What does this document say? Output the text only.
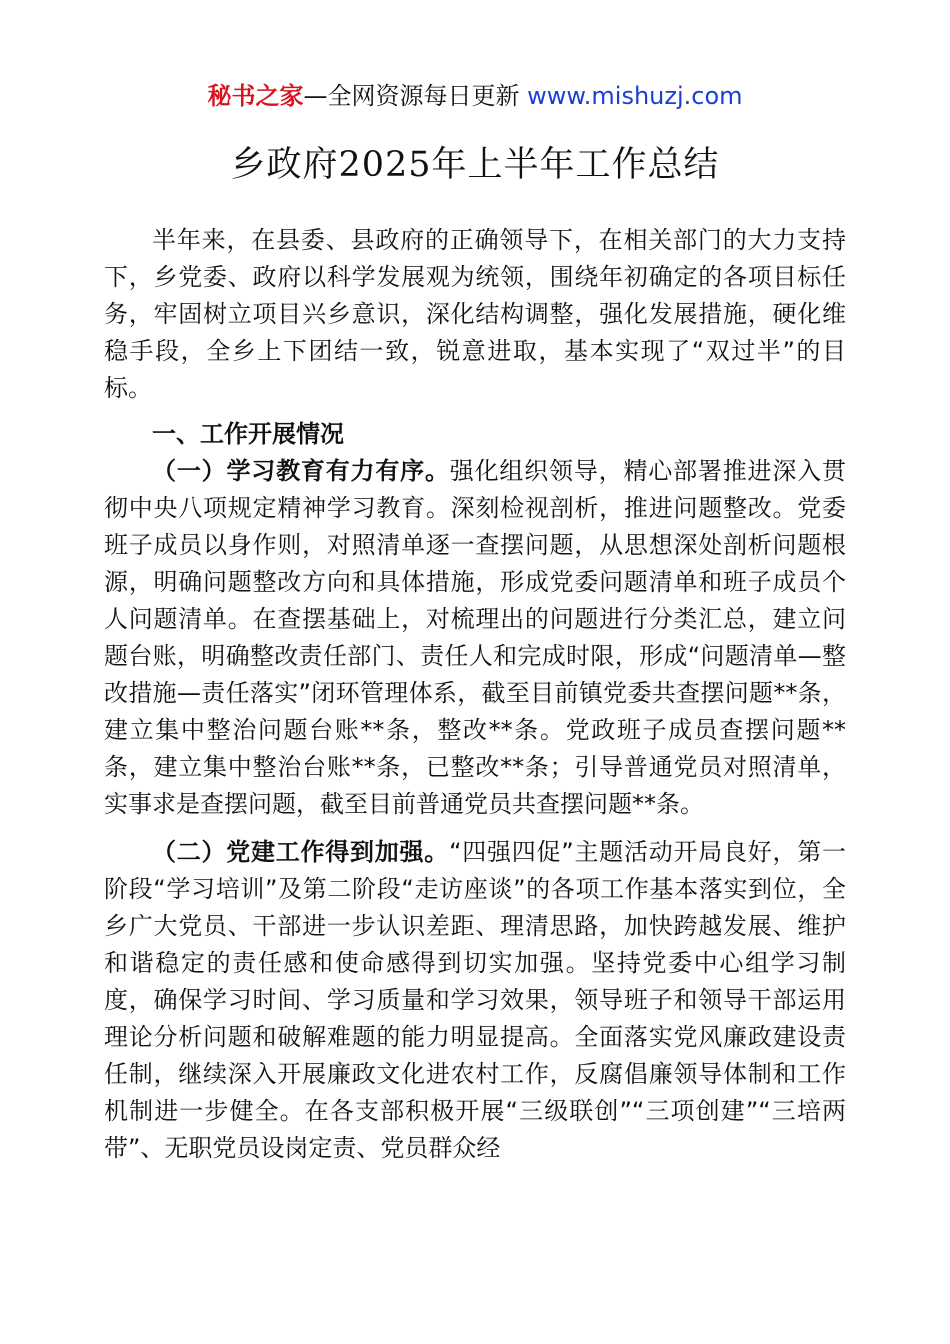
秘书之家—全网资源每日更新 www.mishuzj.com
乡政府2025年上半年工作总结

半年来，在县委、县政府的正确领导下，在相关部门的大力支持下，乡党委、政府以科学发展观为统领，围绕年初确定的各项目标任务，牢固树立项目兴乡意识，深化结构调整，强化发展措施，硬化维稳手段，全乡上下团结一致，锐意进取，基本实现了“双过半”的目标。

一、工作开展情况

（一）学习教育有力有序。强化组织领导，精心部署推进深入贯彻中央八项规定精神学习教育。深刻检视剖析，推进问题整改。党委班子成员以身作则，对照清单逐一查摆问题，从思想深处剖析问题根源，明确问题整改方向和具体措施，形成党委问题清单和班子成员个人问题清单。在查摆基础上，对梳理出的问题进行分类汇总，建立问题台账，明确整改责任部门、责任人和完成时限，形成“问题清单—整改措施—责任落实”闭环管理体系，截至目前镇党委共查摆问题**条，建立集中整治问题台账**条，整改**条。党政班子成员查摆问题**条，建立集中整治台账**条，已整改**条；引导普通党员对照清单，实事求是查摆问题，截至目前普通党员共查摆问题**条。

（二）党建工作得到加强。“四强四促”主题活动开局良好，第一阶段“学习培训”及第二阶段“走访座谈”的各项工作基本落实到位，全乡广大党员、干部进一步认识差距、理清思路，加快跨越发展、维护和谐稳定的责任感和使命感得到切实加强。坚持党委中心组学习制度，确保学习时间、学习质量和学习效果，领导班子和领导干部运用理论分析问题和破解难题的能力明显提高。全面落实党风廉政建设责任制，继续深入开展廉政文化进农村工作，反腐倡廉领导体制和工作机制进一步健全。在各支部积极开展“三级联创”“三项创建”“三培两带”、无职党员设岗定责、党员群众经
